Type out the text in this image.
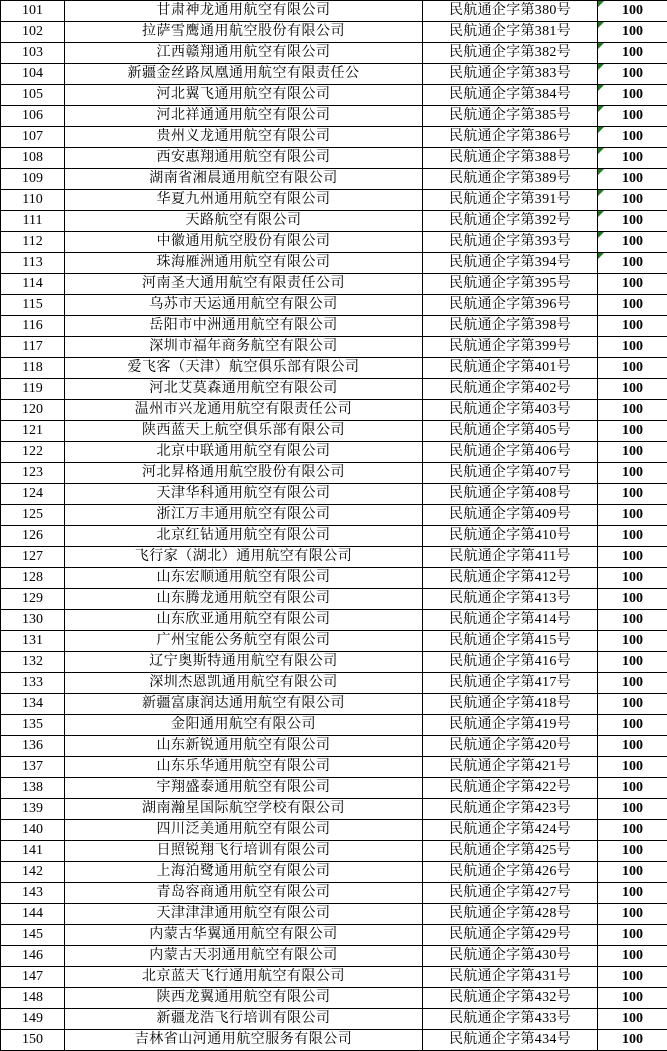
101	甘肃神龙通用航空有限公司	民航通企字第380号	100
102	拉萨雪鹰通用航空股份有限公司	民航通企字第381号	100
103	江西赣翔通用航空有限公司	民航通企字第382号	100
104	新疆金丝路凤凰通用航空有限责任公	民航通企字第383号	100
105	河北翼飞通用航空有限公司	民航通企字第384号	100
106	河北祥通通用航空有限公司	民航通企字第385号	100
107	贵州义龙通用航空有限公司	民航通企字第386号	100
108	西安惠翔通用航空有限公司	民航通企字第388号	100
109	湖南省湘晨通用航空有限公司	民航通企字第389号	100
110	华夏九州通用航空有限公司	民航通企字第391号	100
111	天路航空有限公司	民航通企字第392号	100
112	中徽通用航空股份有限公司	民航通企字第393号	100
113	珠海雁洲通用航空有限公司	民航通企字第394号	100
114	河南圣大通用航空有限责任公司	民航通企字第395号	100
115	乌苏市天运通用航空有限公司	民航通企字第396号	100
116	岳阳市中洲通用航空有限公司	民航通企字第398号	100
117	深圳市福年商务航空有限公司	民航通企字第399号	100
118	爱飞客（天津）航空俱乐部有限公司	民航通企字第401号	100
119	河北艾莫森通用航空有限公司	民航通企字第402号	100
120	温州市兴龙通用航空有限责任公司	民航通企字第403号	100
121	陕西蓝天上航空俱乐部有限公司	民航通企字第405号	100
122	北京中联通用航空有限公司	民航通企字第406号	100
123	河北昇格通用航空股份有限公司	民航通企字第407号	100
124	天津华科通用航空有限公司	民航通企字第408号	100
125	浙江万丰通用航空有限公司	民航通企字第409号	100
126	北京红钻通用航空有限公司	民航通企字第410号	100
127	飞行家（湖北）通用航空有限公司	民航通企字第411号	100
128	山东宏顺通用航空有限公司	民航通企字第412号	100
129	山东腾龙通用航空有限公司	民航通企字第413号	100
130	山东欣亚通用航空有限公司	民航通企字第414号	100
131	广州宝能公务航空有限公司	民航通企字第415号	100
132	辽宁奥斯特通用航空有限公司	民航通企字第416号	100
133	深圳杰恩凯通用航空有限公司	民航通企字第417号	100
134	新疆富康润达通用航空有限公司	民航通企字第418号	100
135	金阳通用航空有限公司	民航通企字第419号	100
136	山东新锐通用航空有限公司	民航通企字第420号	100
137	山东乐华通用航空有限公司	民航通企字第421号	100
138	宇翔盛泰通用航空有限公司	民航通企字第422号	100
139	湖南瀚星国际航空学校有限公司	民航通企字第423号	100
140	四川泛美通用航空有限公司	民航通企字第424号	100
141	日照锐翔飞行培训有限公司	民航通企字第425号	100
142	上海泊鹭通用航空有限公司	民航通企字第426号	100
143	青岛容商通用航空有限公司	民航通企字第427号	100
144	天津津津通用航空有限公司	民航通企字第428号	100
145	内蒙古华翼通用航空有限公司	民航通企字第429号	100
146	内蒙古天羽通用航空有限公司	民航通企字第430号	100
147	北京蓝天飞行通用航空有限公司	民航通企字第431号	100
148	陕西龙翼通用航空有限公司	民航通企字第432号	100
149	新疆龙浩飞行培训有限公司	民航通企字第433号	100
150	吉林省山河通用航空服务有限公司	民航通企字第434号	100
